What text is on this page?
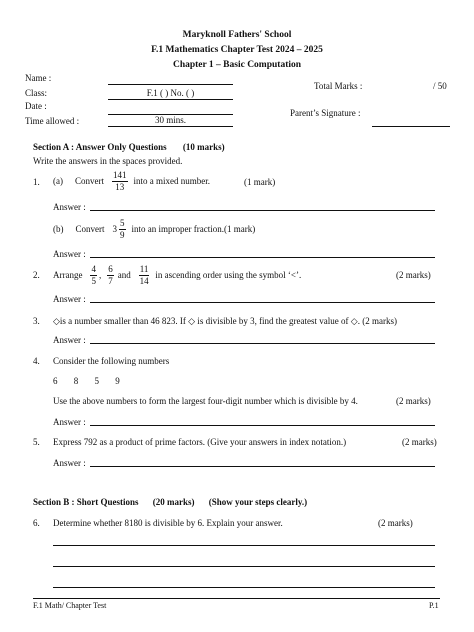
Maryknoll Fathers' School
F.1 Mathematics Chapter Test 2024 – 2025
Chapter 1 – Basic Computation
Name :
Class:	F.1 ( ) No. ( )
Date :
Time allowed :	30 mins.
Total Marks :	/ 50
Parent’s Signature :
Section A : Answer Only Questions (10 marks)
Write the answers in the spaces provided.
1. (a) Convert $\frac{141}{13}$ into a mixed number.	(1 mark)
Answer :
(b) Convert $3 \frac{5}{9}$ into an improper fraction.(1 mark)
Answer :
2. Arrange $\frac{4}{5}$ , $\frac{6}{7}$ and $\frac{11}{14}$ in ascending order using the symbol ‘<’.	(2 marks)
Answer :
3. ◇is a number smaller than 46 823. If ◇ is divisible by 3, find the greatest value of ◇. (2 marks)
Answer :
4. Consider the following numbers
6 8 5 9
Use the above numbers to form the largest four-digit number which is divisible by 4.	(2 marks)
Answer :
5. Express 792 as a product of prime factors. (Give your answers in index notation.)	(2 marks)
Answer :
Section B : Short Questions (20 marks) (Show your steps clearly.)
6. Determine whether 8180 is divisible by 6. Explain your answer.	(2 marks)
F.1 Math/ Chapter Test	P.1
